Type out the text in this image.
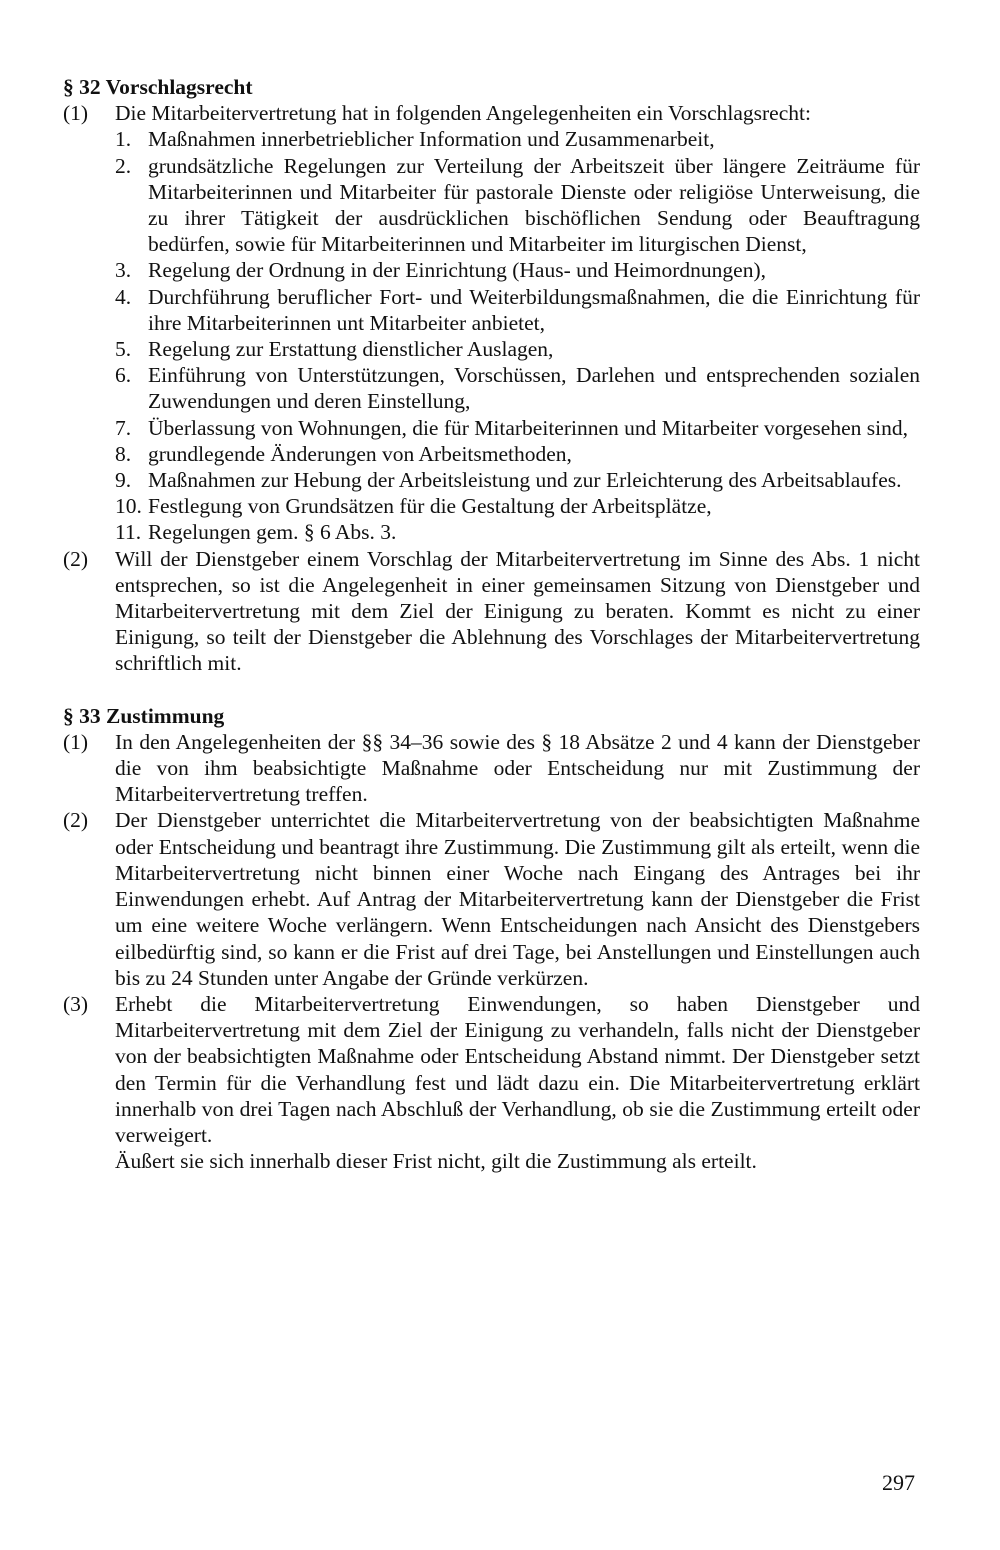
§ 32 Vorschlagsrecht

(1)	Die Mitarbeitervertretung hat in folgenden Angelegenheiten ein Vorschlagsrecht:
1. Maßnahmen innerbetrieblicher Information und Zusammenarbeit,
2. grundsätzliche Regelungen zur Verteilung der Arbeitszeit über längere Zeiträume für Mitarbeiterinnen und Mitarbeiter für pastorale Dienste oder religiöse Unterweisung, die zu ihrer Tätigkeit der ausdrücklichen bischöflichen Sendung oder Beauftragung bedürfen, sowie für Mitarbeiterinnen und Mitarbeiter im liturgischen Dienst,
3. Regelung der Ordnung in der Einrichtung (Haus- und Heimordnungen),
4. Durchführung beruflicher Fort- und Weiterbildungsmaßnahmen, die die Einrichtung für ihre Mitarbeiterinnen unt Mitarbeiter anbietet,
5. Regelung zur Erstattung dienstlicher Auslagen,
6. Einführung von Unterstützungen, Vorschüssen, Darlehen und entsprechenden sozialen Zuwendungen und deren Einstellung,
7. Überlassung von Wohnungen, die für Mitarbeiterinnen und Mitarbeiter vorgesehen sind,
8. grundlegende Änderungen von Arbeitsmethoden,
9. Maßnahmen zur Hebung der Arbeitsleistung und zur Erleichterung des Arbeitsablaufes.
10. Festlegung von Grundsätzen für die Gestaltung der Arbeitsplätze,
11. Regelungen gem. § 6 Abs. 3.
(2)	Will der Dienstgeber einem Vorschlag der Mitarbeitervertretung im Sinne des Abs. 1 nicht entsprechen, so ist die Angelegenheit in einer gemeinsamen Sitzung von Dienstgeber und Mitarbeitervertretung mit dem Ziel der Einigung zu beraten. Kommt es nicht zu einer Einigung, so teilt der Dienstgeber die Ablehnung des Vorschlages der Mitarbeitervertretung schriftlich mit.

§ 33 Zustimmung

(1)	In den Angelegenheiten der §§ 34–36 sowie des § 18 Absätze 2 und 4 kann der Dienstgeber die von ihm beabsichtigte Maßnahme oder Entscheidung nur mit Zustimmung der Mitarbeitervertretung treffen.
(2)	Der Dienstgeber unterrichtet die Mitarbeitervertretung von der beabsichtigten Maßnahme oder Entscheidung und beantragt ihre Zustimmung. Die Zustimmung gilt als erteilt, wenn die Mitarbeitervertretung nicht binnen einer Woche nach Eingang des Antrages bei ihr Einwendungen erhebt. Auf Antrag der Mitarbeitervertretung kann der Dienstgeber die Frist um eine weitere Woche verlängern. Wenn Entscheidungen nach Ansicht des Dienstgebers eilbedürftig sind, so kann er die Frist auf drei Tage, bei Anstellungen und Einstellungen auch bis zu 24 Stunden unter Angabe der Gründe verkürzen.
(3)	Erhebt die Mitarbeitervertretung Einwendungen, so haben Dienstgeber und Mitarbeitervertretung mit dem Ziel der Einigung zu verhandeln, falls nicht der Dienstgeber von der beabsichtigten Maßnahme oder Entscheidung Abstand nimmt. Der Dienstgeber setzt den Termin für die Verhandlung fest und lädt dazu ein. Die Mitarbeitervertretung erklärt innerhalb von drei Tagen nach Abschluß der Verhandlung, ob sie die Zustimmung erteilt oder verweigert.
Äußert sie sich innerhalb dieser Frist nicht, gilt die Zustimmung als erteilt.
297
